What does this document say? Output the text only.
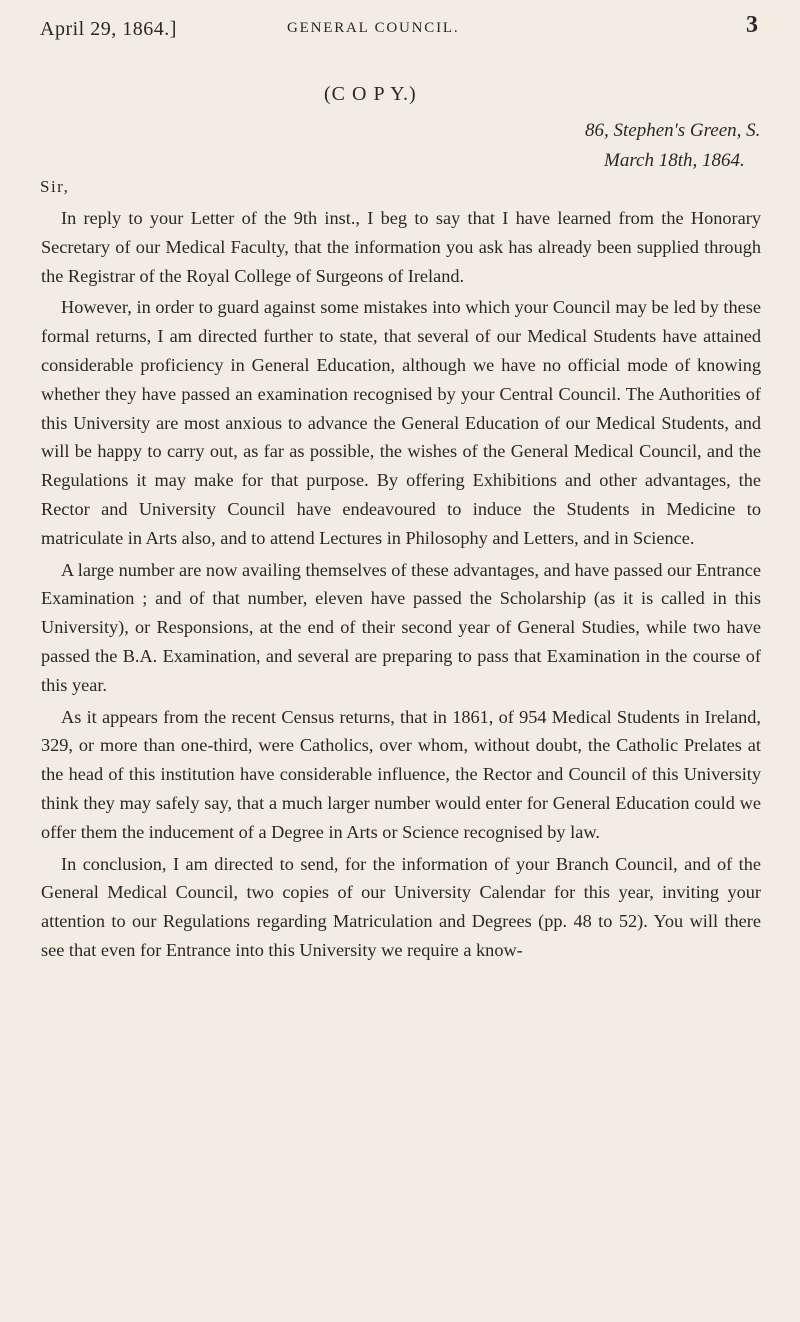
April 29, 1864.]	GENERAL COUNCIL.	3
(C O P Y.)
86, Stephen's Green, S.
March 18th, 1864.
Sir,

In reply to your Letter of the 9th inst., I beg to say that I have learned from the Honorary Secretary of our Medical Faculty, that the information you ask has already been supplied through the Registrar of the Royal College of Surgeons of Ireland.

However, in order to guard against some mistakes into which your Council may be led by these formal returns, I am directed further to state, that several of our Medical Students have attained considerable proficiency in General Education, although we have no official mode of knowing whether they have passed an examination recognised by your Central Council. The Authorities of this University are most anxious to advance the General Education of our Medical Students, and will be happy to carry out, as far as possible, the wishes of the General Medical Council, and the Regulations it may make for that purpose. By offering Exhibitions and other advantages, the Rector and University Council have endeavoured to induce the Students in Medicine to matriculate in Arts also, and to attend Lectures in Philosophy and Letters, and in Science.

A large number are now availing themselves of these advantages, and have passed our Entrance Examination ; and of that number, eleven have passed the Scholarship (as it is called in this University), or Responsions, at the end of their second year of General Studies, while two have passed the B.A. Examination, and several are preparing to pass that Examination in the course of this year.

As it appears from the recent Census returns, that in 1861, of 954 Medical Students in Ireland, 329, or more than one-third, were Catholics, over whom, without doubt, the Catholic Prelates at the head of this institution have considerable influence, the Rector and Council of this University think they may safely say, that a much larger number would enter for General Education could we offer them the inducement of a Degree in Arts or Science recognised by law.

In conclusion, I am directed to send, for the information of your Branch Council, and of the General Medical Council, two copies of our University Calendar for this year, inviting your attention to our Regulations regarding Matriculation and Degrees (pp. 48 to 52). You will there see that even for Entrance into this University we require a know-
